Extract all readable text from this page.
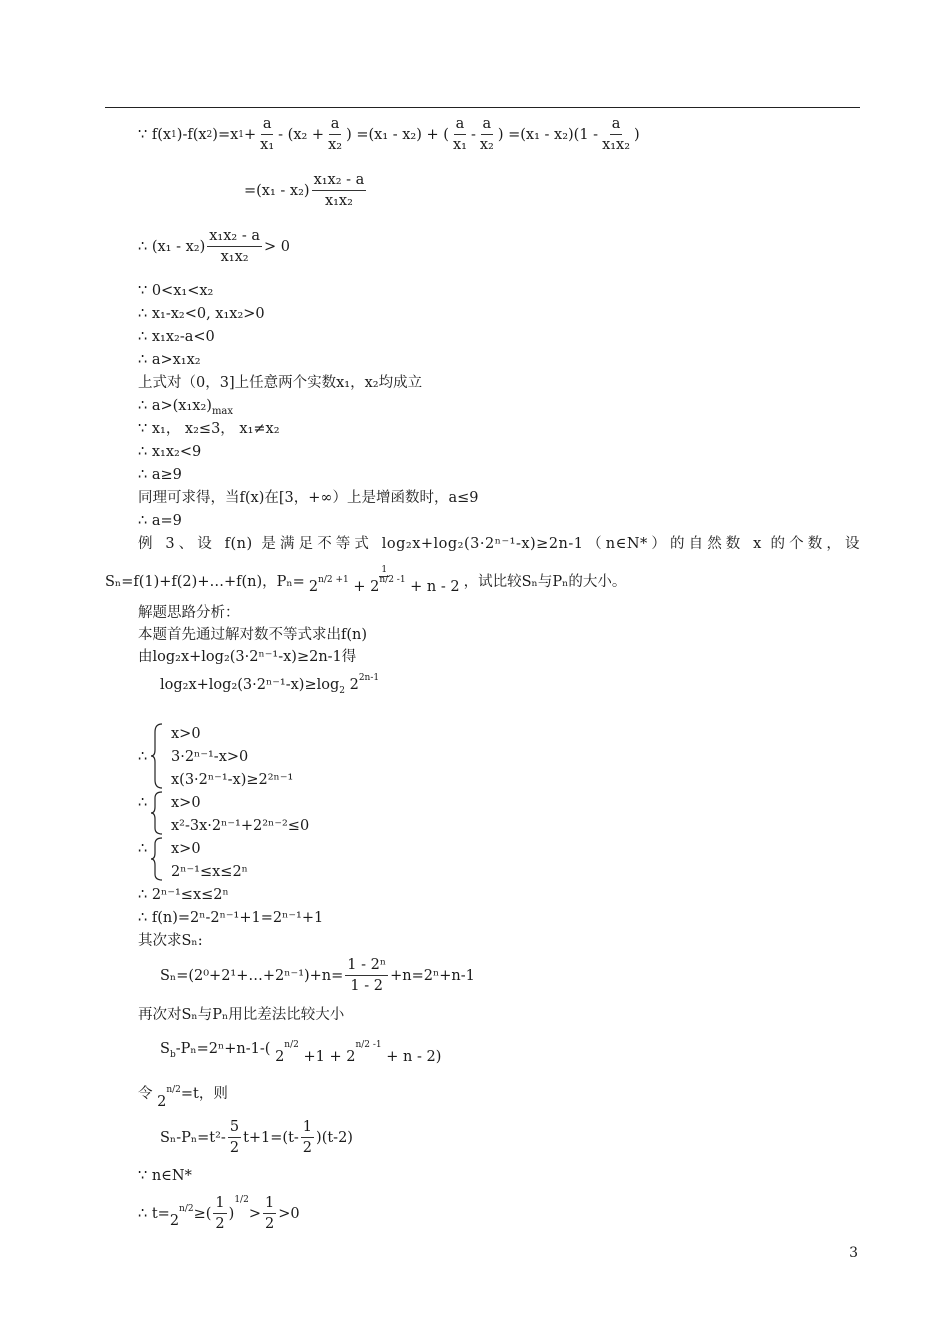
∵ f(x 1 )-f(x 2 )=x $1 + \frac{a}{\text{x₁}} - (x_2 + \frac{a}{\text{x₂}}$ ) =(x₁ - x₂) + ( $\frac{a}{\text{x₁}} - \frac{a}{\text{x₂}}$ ) $=(x_1 - x_2)(1 - \frac{a}{\text{x₁x₂}}$ )
$=(x_1 - x_2) \frac{\text{x₁x₂ - a}}{\text{x₁x₂}}$
∴ $(x_1 - x_2) \frac{\text{x₁x₂ - a}}{\text{x₁x₂}} > 0$
∵ 0<x₁<x₂
∴ x₁-x₂<0, x₁x₂>0
∴ x₁x₂-a<0
∴ a>x₁x₂
上式对（0，3]上任意两个实数x₁，x₂均成立
∴ $a>(x_1x_2)_{max}$
∵ x₁， x₂≤3， x₁≠x₂
∴ x₁x₂<9
∴ a≥9
同理可求得，当f(x)在[3，+∞）上是增函数时，a≤9
∴ a=9
例 3、设 f(n) 是满足不等式 log₂x+log₂(3·2ⁿ⁻¹-x)≥2n-1（n∈N*）的自然数 x 的个数，设
Sₙ=f(1)+f(2)+…+f(n)，$P_n= \frac{1}{2^{n/2 +1} + 2^{n/2 -1} + n - 2}$ ，试比较Sₙ与Pₙ的大小。
解题思路分析：
本题首先通过解对数不等式求出f(n)
由log₂x+log₂(3·2ⁿ⁻¹-x)≥2n-1得
$\log_2x+\log_2(3\cdot 2^{n-1}-x)\ge\log_2$ $2^{2n-1}$
∴
x>0
3·2ⁿ⁻¹-x>0
x(3·2ⁿ⁻¹-x)≥2²ⁿ⁻¹
∴ x>0
x²-3x·2ⁿ⁻¹+2²ⁿ⁻²≤0
∴ x>0
2ⁿ⁻¹≤x≤2ⁿ
∴ 2ⁿ⁻¹≤x≤2ⁿ
∴ f(n)=2ⁿ-2ⁿ⁻¹+1=2ⁿ⁻¹+1
其次求Sₙ:
Sₙ=(2⁰+2¹+…+2ⁿ⁻¹)+n= $\frac{\text{1 - 2ⁿ}}{1 - 2} +n=2^n+n-1$
再次对Sₙ与Pₙ用比差法比较大小
$S_b-P_n=2^n+n-1-$( $2^{n/2} +1 + 2^{n/2 -1} + n - 2$)
令 $2^{n/2}=t$，则
$S_n-P_n=t^2- \frac{5}{2} t+1=(t- \frac{1}{2} )(t-2)$
∵ n∈N*
∴ $t= 2^{n/2}$ ≥( $\frac{1}{2}$ )
1/2
> $\frac{1}{2} >0$
3
